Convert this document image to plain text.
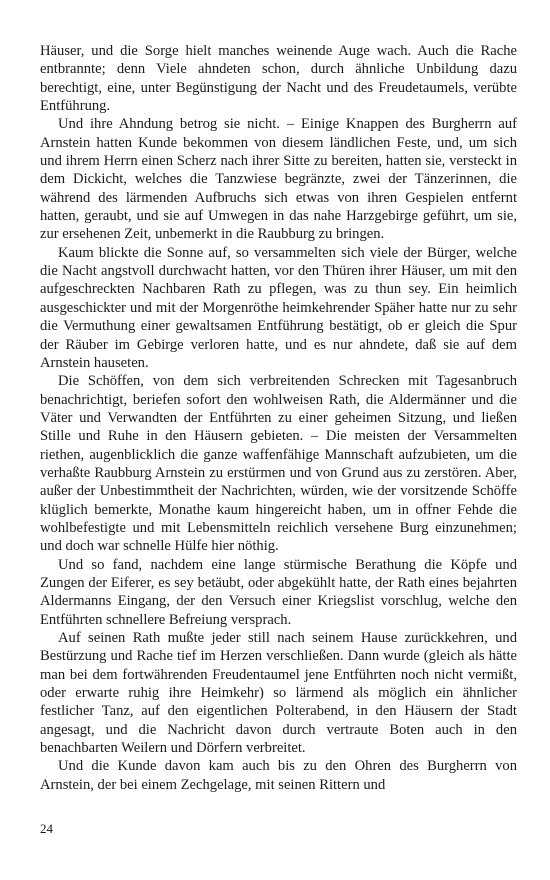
Häuser, und die Sorge hielt manches weinende Auge wach. Auch die Rache entbrannte; denn Viele ahndeten schon, durch ähnliche Unbildung dazu berechtigt, eine, unter Begünstigung der Nacht und des Freudetaumels, verübte Entführung.

Und ihre Ahndung betrog sie nicht. – Einige Knappen des Burgherrn auf Arnstein hatten Kunde bekommen von diesem ländlichen Feste, und, um sich und ihrem Herrn einen Scherz nach ihrer Sitte zu bereiten, hatten sie, versteckt in dem Dickicht, welches die Tanzwiese begränzte, zwei der Tänzerinnen, die während des lärmenden Aufbruchs sich etwas von ihren Gespielen entfernt hatten, geraubt, und sie auf Umwegen in das nahe Harzgebirge geführt, um sie, zur ersehenen Zeit, unbemerkt in die Raubburg zu bringen.

Kaum blickte die Sonne auf, so versammelten sich viele der Bürger, welche die Nacht angstvoll durchwacht hatten, vor den Thüren ihrer Häuser, um mit den aufgeschreckten Nachbaren Rath zu pflegen, was zu thun sey. Ein heimlich ausgeschickter und mit der Morgenröthe heimkehrender Späher hatte nur zu sehr die Vermuthung einer gewaltsamen Entführung bestätigt, ob er gleich die Spur der Räuber im Gebirge verloren hatte, und es nur ahndete, daß sie auf dem Arnstein hauseten.

Die Schöffen, von dem sich verbreitenden Schrecken mit Tagesanbruch benachrichtigt, beriefen sofort den wohlweisen Rath, die Aldermänner und die Väter und Verwandten der Entführten zu einer geheimen Sitzung, und ließen Stille und Ruhe in den Häusern gebieten. – Die meisten der Versammelten riethen, augenblicklich die ganze waffenfähige Mannschaft aufzubieten, um die verhaßte Raubburg Arnstein zu erstürmen und von Grund aus zu zerstören. Aber, außer der Unbestimmtheit der Nachrichten, würden, wie der vorsitzende Schöffe klüglich bemerkte, Monathe kaum hingereicht haben, um in offner Fehde die wohlbefestigte und mit Lebensmitteln reichlich versehene Burg einzunehmen; und doch war schnelle Hülfe hier nöthig.

Und so fand, nachdem eine lange stürmische Berathung die Köpfe und Zungen der Eiferer, es sey betäubt, oder abgekühlt hatte, der Rath eines bejahrten Aldermanns Eingang, der den Versuch einer Kriegslist vorschlug, welche den Entführten schnellere Befreiung versprach.

Auf seinen Rath mußte jeder still nach seinem Hause zurückkehren, und Bestürzung und Rache tief im Herzen verschließen. Dann wurde (gleich als hätte man bei dem fortwährenden Freudentaumel jene Entführten noch nicht vermißt, oder erwarte ruhig ihre Heimkehr) so lärmend als möglich ein ähnlicher festlicher Tanz, auf den eigentlichen Polterabend, in den Häusern der Stadt angesagt, und die Nachricht davon durch vertraute Boten auch in den benachbarten Weilern und Dörfern verbreitet.

Und die Kunde davon kam auch bis zu den Ohren des Burgherrn von Arnstein, der bei einem Zechgelage, mit seinen Rittern und

24
